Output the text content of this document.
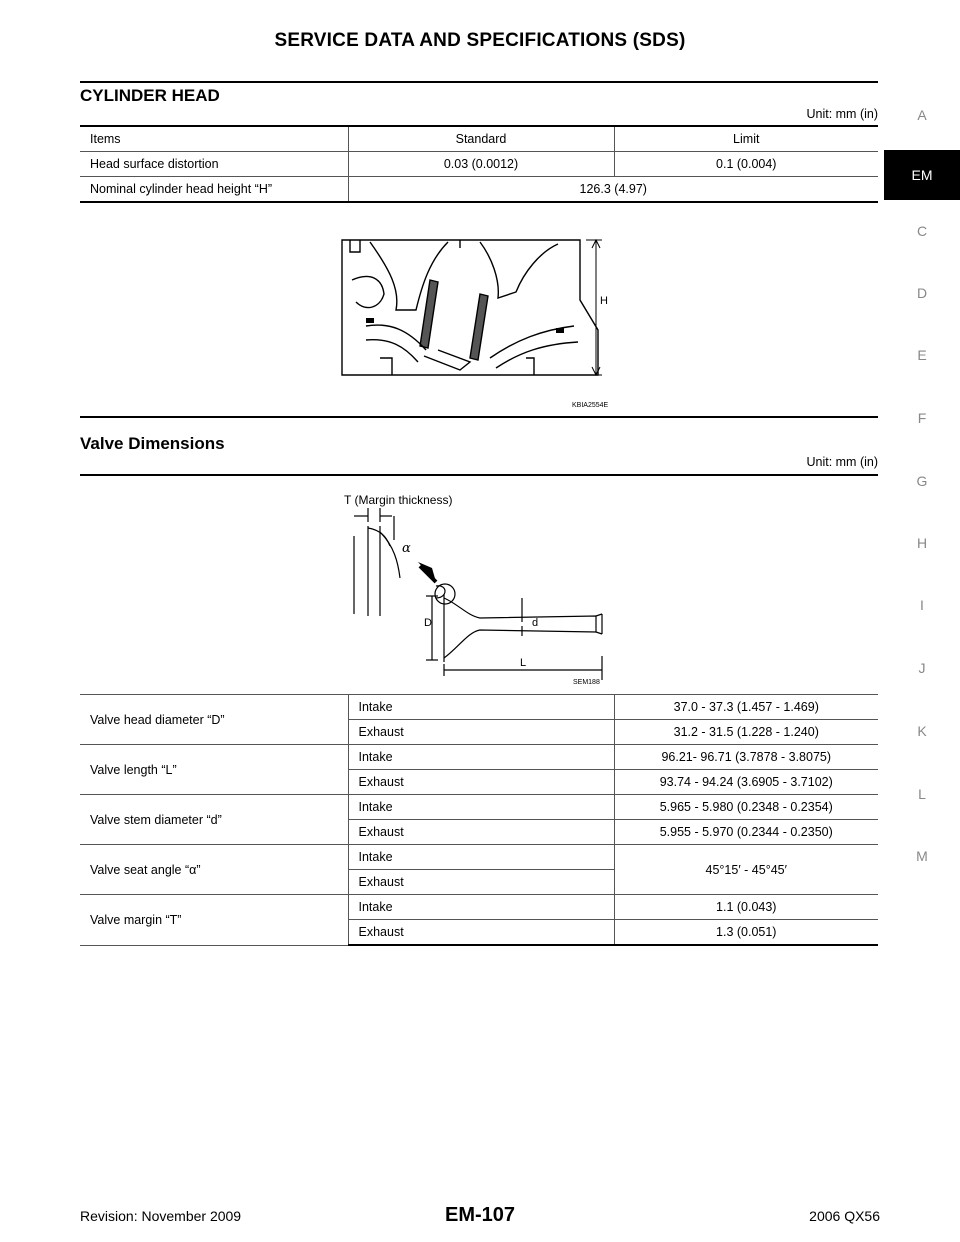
SERVICE DATA AND SPECIFICATIONS (SDS)
CYLINDER HEAD
Unit: mm (in)
Items	Standard	Limit
Head surface distortion	0.03 (0.0012)	0.1 (0.004)
Nominal cylinder head height “H”	126.3 (4.97)	
H
KBIA2554E
Valve Dimensions
Unit: mm (in)
T (Margin thickness)
α
D	d
L
SEM188
Valve head diameter “D”	Intake	37.0 - 37.3 (1.457 - 1.469)
	Exhaust	31.2 - 31.5 (1.228 - 1.240)
Valve length “L”	Intake	96.21- 96.71 (3.7878 - 3.8075)
	Exhaust	93.74 - 94.24 (3.6905 - 3.7102)
Valve stem diameter “d”	Intake	5.965 - 5.980 (0.2348 - 0.2354)
	Exhaust	5.955 - 5.970 (0.2344 - 0.2350)
Valve seat angle “α”	Intake	45°15′ - 45°45′
	Exhaust	
Valve margin “T”	Intake	1.1 (0.043)
	Exhaust	1.3 (0.051)
A
EM
C
D
E
F
G
H
I
J
K
L
M
Revision: November 2009	EM-107	2006 QX56
